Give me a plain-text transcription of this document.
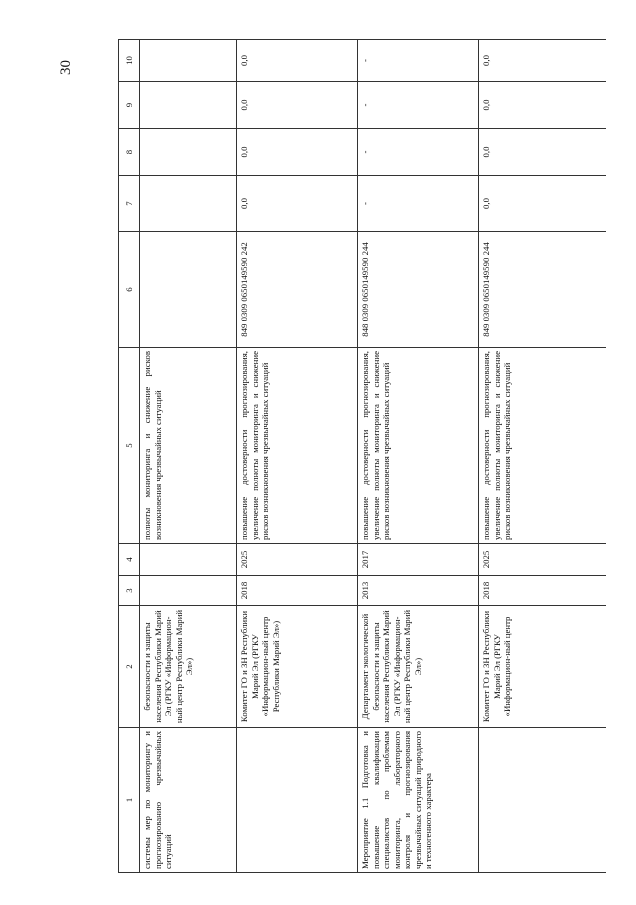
30
1	2	3	4	5	6	7	8	9	10
системы мер по мониторингу и прогнозированию чрезвычайных ситуаций	безопасности и защиты населения Республики Марий Эл (РГКУ «Информацион-ный центр Республики Марий Эл»)			полноты мониторинга и снижение рисков возникновения чрезвычайных ситуаций					
	Комитет ГО и ЗН Республики Марий Эл (РГКУ «Информацион-ный центр Республики Марий Эл»)	2018	2025	повышение достоверности прогнозирования, увеличение полноты мониторинга и снижение рисков возникновения чрезвычайных ситуаций	849 0309 0650149590 242	0,0	0,0	0,0	0,0
Мероприятие 1.1 Подготовка и повышение квалификации специалистов по проблемам мониторинга, лабораторного контроля и прогнозирования чрезвычайных ситуаций природного и техногенного характера	Департамент экологической безопасности и защиты населения Республики Марий Эл (РГКУ «Информацион-ный центр Республики Марий Эл»)	2013	2017	повышение достоверности прогнозирования, увеличение полноты мониторинга и снижение рисков возникновения чрезвычайных ситуаций	848 0309 0650149590 244	-	-	-	-
	Комитет ГО и ЗН Республики Марий Эл (РГКУ «Информацион-ный центр	2018	2025	повышение достоверности прогнозирования, увеличение полноты мониторинга и снижение рисков возникновения чрезвычайных ситуаций	849 0309 0650149590 244	0,0	0,0	0,0	0,0
